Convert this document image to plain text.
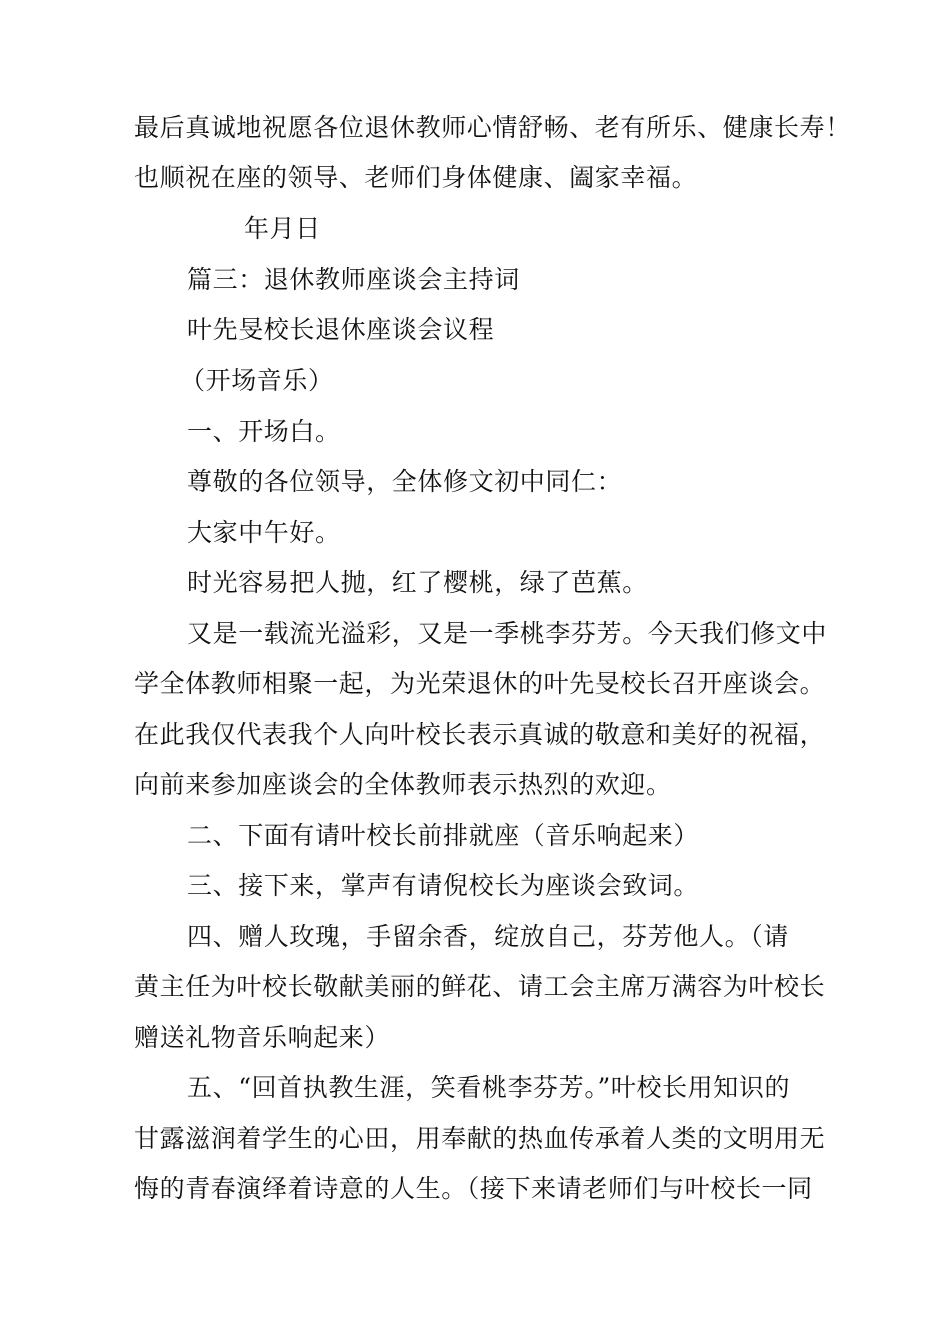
最后真诚地祝愿各位退休教师心情舒畅、老有所乐、健康长寿！
也顺祝在座的领导、老师们身体健康、阖家幸福。
年月日
篇三：退休教师座谈会主持词
叶先旻校长退休座谈会议程
（开场音乐）
一、开场白。
尊敬的各位领导，全体修文初中同仁：
大家中午好。
时光容易把人抛，红了樱桃，绿了芭蕉。
又是一载流光溢彩，又是一季桃李芬芳。今天我们修文中
学全体教师相聚一起，为光荣退休的叶先旻校长召开座谈会。
在此我仅代表我个人向叶校长表示真诚的敬意和美好的祝福，
向前来参加座谈会的全体教师表示热烈的欢迎。
二、下面有请叶校长前排就座（音乐响起来）
三、接下来，掌声有请倪校长为座谈会致词。
四、赠人玫瑰，手留余香，绽放自己，芬芳他人。（请
黄主任为叶校长敬献美丽的鲜花、请工会主席万满容为叶校长
赠送礼物音乐响起来）
五、“回首执教生涯，笑看桃李芬芳。”叶校长用知识的
甘露滋润着学生的心田，用奉献的热血传承着人类的文明用无
悔的青春演绎着诗意的人生。（接下来请老师们与叶校长一同
